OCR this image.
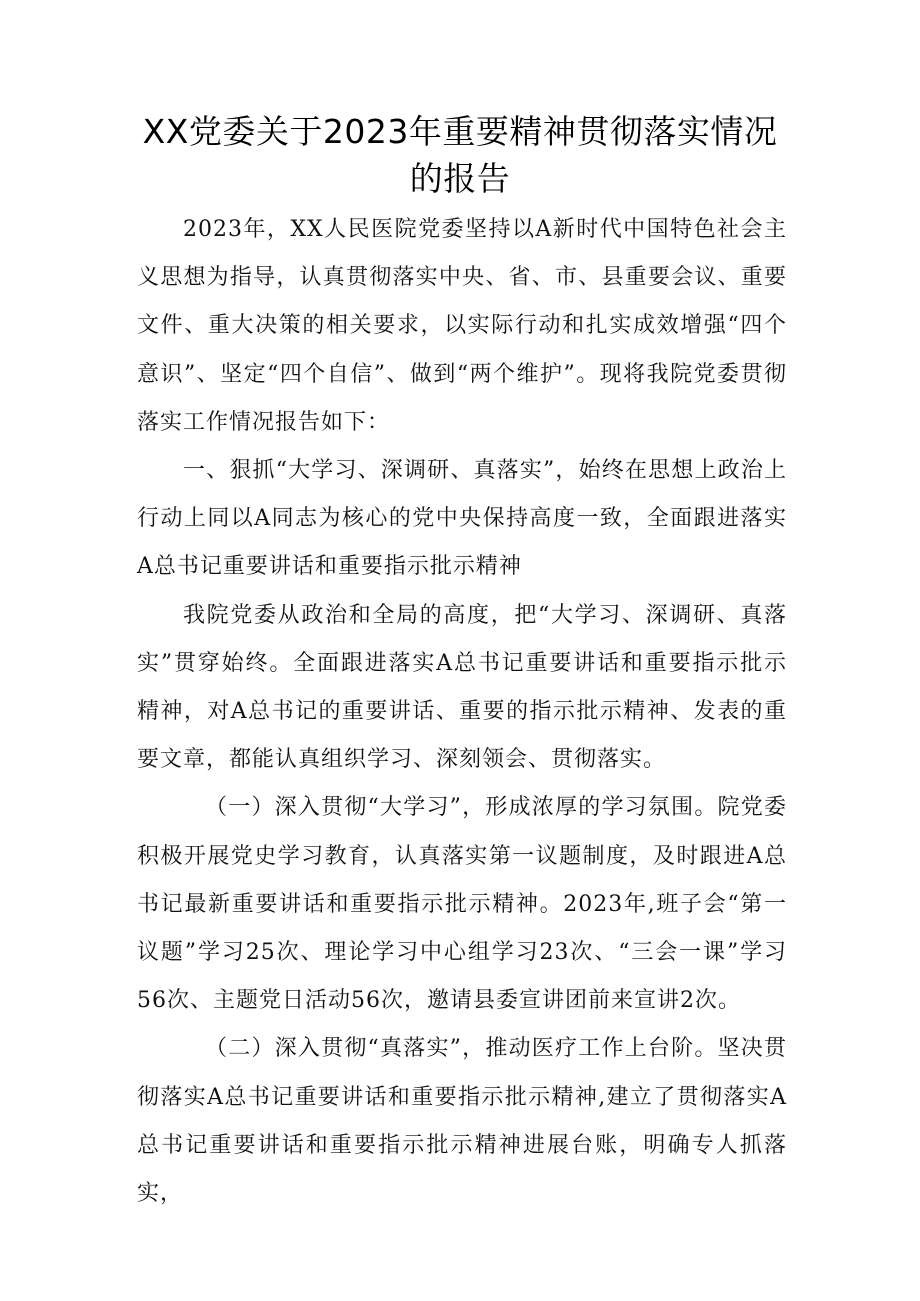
XX党委关于2023年重要精神贯彻落实情况
的报告

2023年，XX人民医院党委坚持以A新时代中国特色社会主义思想为指导，认真贯彻落实中央、省、市、县重要会议、重要文件、重大决策的相关要求，以实际行动和扎实成效增强“四个意识”、坚定“四个自信”、做到“两个维护”。现将我院党委贯彻落实工作情况报告如下：

一、狠抓“大学习、深调研、真落实”，始终在思想上政治上行动上同以A同志为核心的党中央保持高度一致，全面跟进落实A总书记重要讲话和重要指示批示精神

我院党委从政治和全局的高度，把“大学习、深调研、真落实”贯穿始终。全面跟进落实A总书记重要讲话和重要指示批示精神，对A总书记的重要讲话、重要的指示批示精神、发表的重要文章，都能认真组织学习、深刻领会、贯彻落实。

（一）深入贯彻“大学习”，形成浓厚的学习氛围。院党委积极开展党史学习教育，认真落实第一议题制度，及时跟进A总书记最新重要讲话和重要指示批示精神。2023年,班子会“第一议题”学习25次、理论学习中心组学习23次、“三会一课”学习56次、主题党日活动56次，邀请县委宣讲团前来宣讲2次。

（二）深入贯彻“真落实”，推动医疗工作上台阶。坚决贯彻落实A总书记重要讲话和重要指示批示精神,建立了贯彻落实A总书记重要讲话和重要指示批示精神进展台账，明确专人抓落实，
